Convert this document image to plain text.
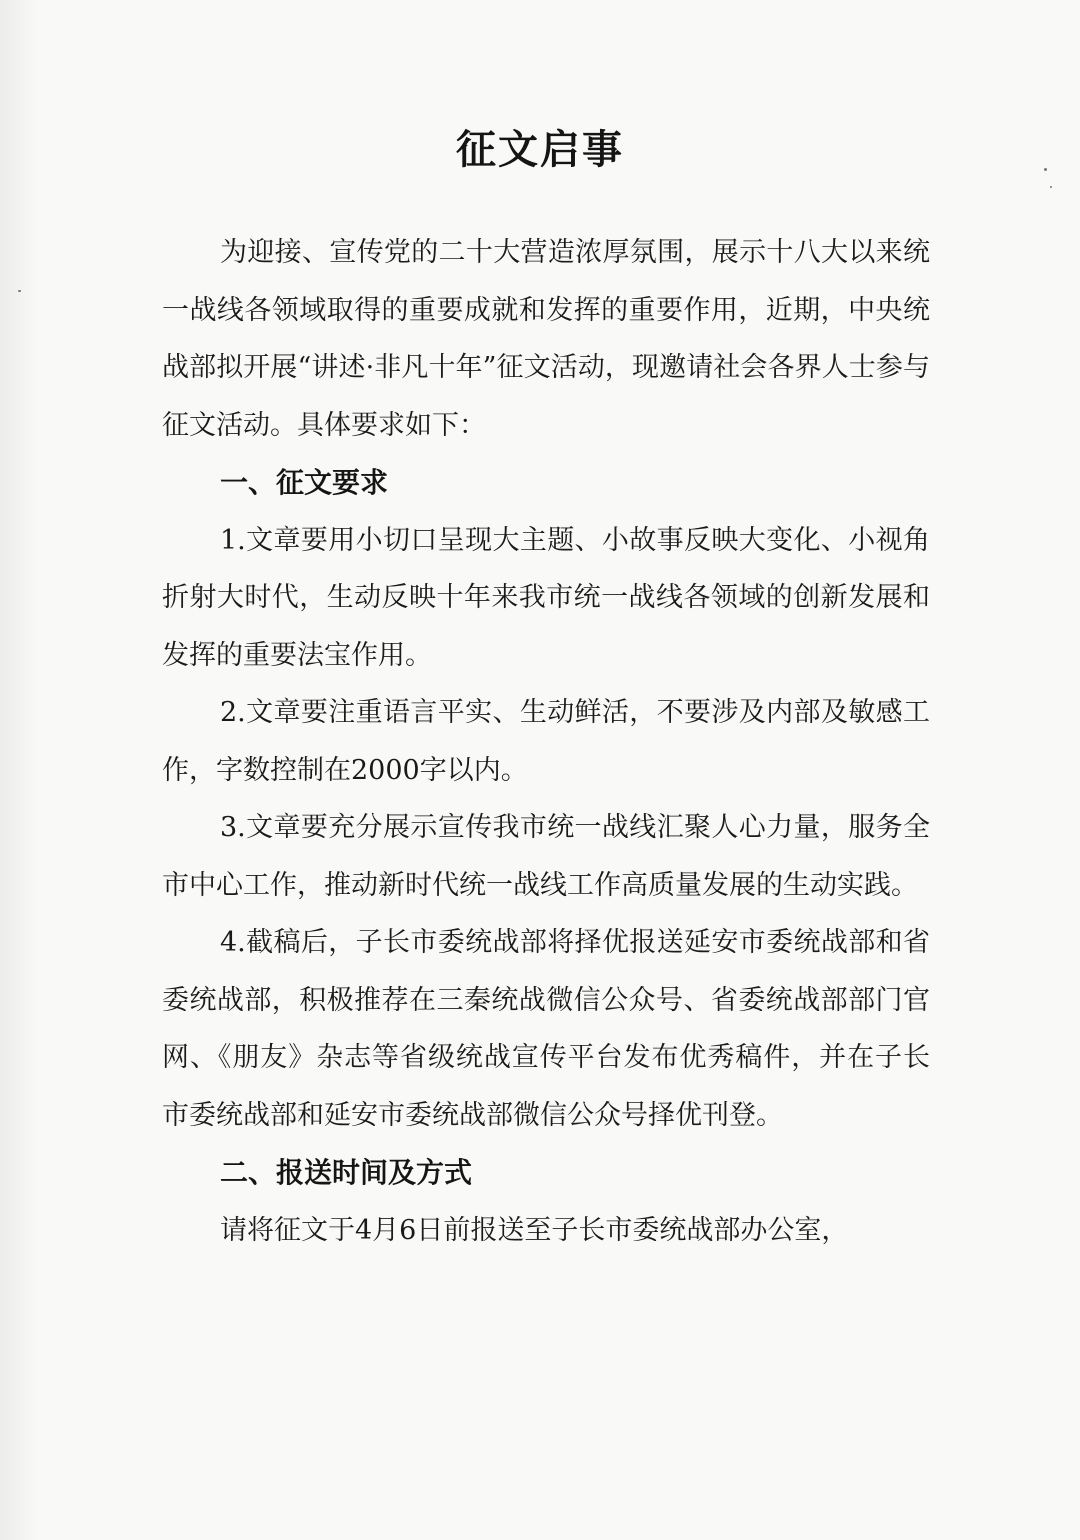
征文启事

为迎接、宣传党的二十大营造浓厚氛围，展示十八大以来统一战线各领域取得的重要成就和发挥的重要作用，近期，中央统战部拟开展“讲述·非凡十年”征文活动，现邀请社会各界人士参与征文活动。具体要求如下：

一、征文要求

1.文章要用小切口呈现大主题、小故事反映大变化、小视角折射大时代，生动反映十年来我市统一战线各领域的创新发展和发挥的重要法宝作用。

2.文章要注重语言平实、生动鲜活，不要涉及内部及敏感工作，字数控制在2000字以内。

3.文章要充分展示宣传我市统一战线汇聚人心力量，服务全市中心工作，推动新时代统一战线工作高质量发展的生动实践。

4.截稿后，子长市委统战部将择优报送延安市委统战部和省委统战部，积极推荐在三秦统战微信公众号、省委统战部部门官网、《朋友》杂志等省级统战宣传平台发布优秀稿件，并在子长市委统战部和延安市委统战部微信公众号择优刊登。

二、报送时间及方式

请将征文于4月6日前报送至子长市委统战部办公室，
